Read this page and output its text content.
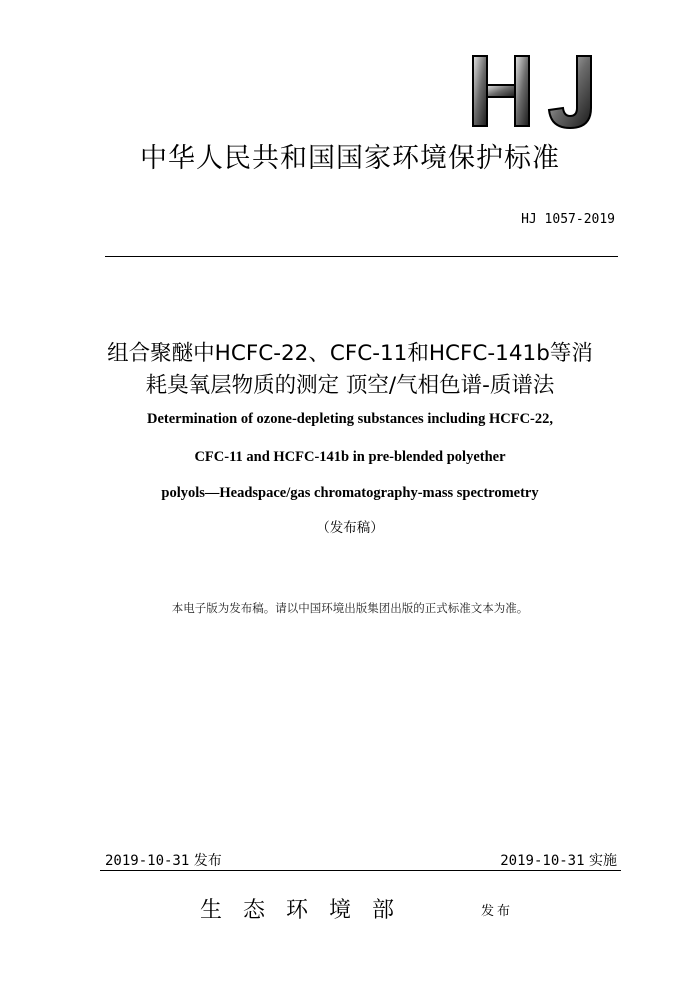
HJ
中华人民共和国国家环境保护标准
HJ 1057-2019
组合聚醚中HCFC-22、CFC-11和HCFC-141b等消
耗臭氧层物质的测定 顶空/气相色谱-质谱法
Determination of ozone-depleting substances including HCFC-22,
CFC-11 and HCFC-141b in pre-blended polyether
polyols—Headspace/gas chromatography-mass spectrometry
（发布稿）
本电子版为发布稿。请以中国环境出版集团出版的正式标准文本为准。
2019-10-31 发布	2019-10-31 实施
生态环境部	发布
